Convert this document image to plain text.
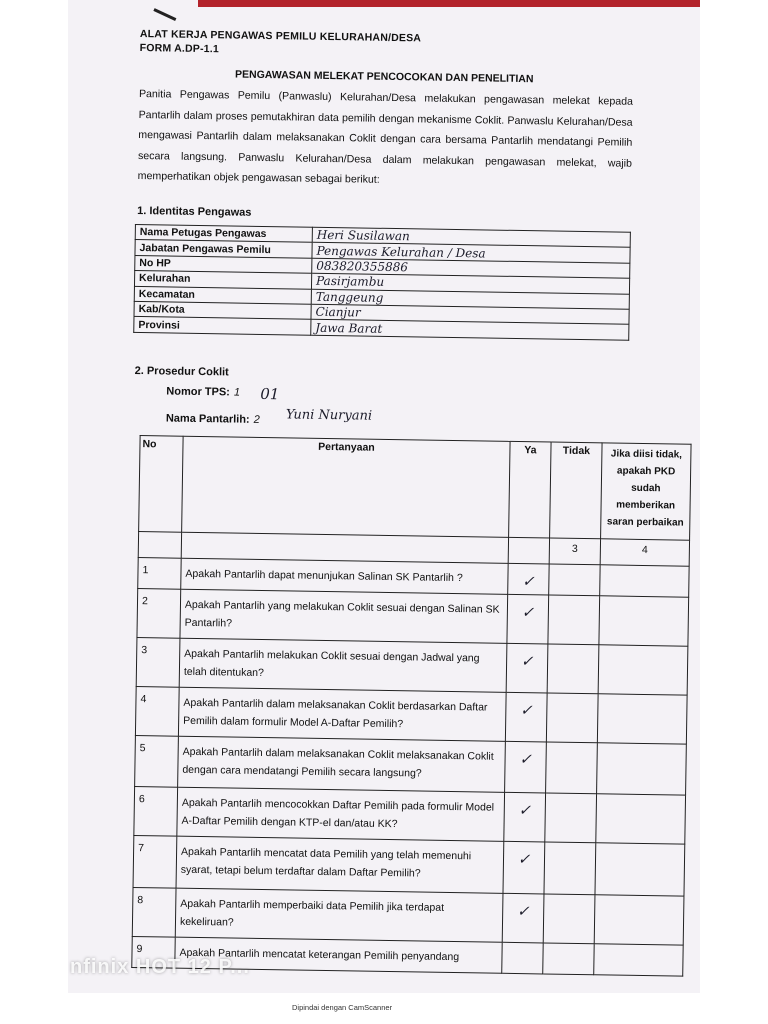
ALAT KERJA PENGAWAS PEMILU KELURAHAN/DESA
FORM A.DP-1.1
PENGAWASAN MELEKAT PENCOCOKAN DAN PENELITIAN
Panitia Pengawas Pemilu (Panwaslu) Kelurahan/Desa melakukan pengawasan melekat kepada Pantarlih dalam proses pemutakhiran data pemilih dengan mekanisme Coklit. Panwaslu Kelurahan/Desa mengawasi Pantarlih dalam melaksanakan Coklit dengan cara bersama Pantarlih mendatangi Pemilih secara langsung. Panwaslu Kelurahan/Desa dalam melakukan pengawasan melekat, wajib memperhatikan objek pengawasan sebagai berikut:
1. Identitas Pengawas
Nama Petugas Pengawas	Heri Susilawan
Jabatan Pengawas Pemilu	Pengawas Kelurahan / Desa
No HP	083820355886
Kelurahan	Pasirjambu
Kecamatan	Tanggeung
Kab/Kota	Cianjur
Provinsi	Jawa Barat
2. Prosedur Coklit
Nomor TPS: 1 01
Nama Pantarlih: 2 Yuni Nuryani
No	Pertanyaan	Ya	Tidak	Jika diisi tidak, apakah PKD sudah memberikan saran perbaikan
			3	4
1	Apakah Pantarlih dapat menunjukan Salinan SK Pantarlih ?	✓		
2	Apakah Pantarlih yang melakukan Coklit sesuai dengan Salinan SK Pantarlih?	✓		
3	Apakah Pantarlih melakukan Coklit sesuai dengan Jadwal yang telah ditentukan?	✓		
4	Apakah Pantarlih dalam melaksanakan Coklit berdasarkan Daftar Pemilih dalam formulir Model A-Daftar Pemilih?	✓		
5	Apakah Pantarlih dalam melaksanakan Coklit melaksanakan Coklit dengan cara mendatangi Pemilih secara langsung?	✓		
6	Apakah Pantarlih mencocokkan Daftar Pemilih pada formulir Model A-Daftar Pemilih dengan KTP-el dan/atau KK?	✓		
7	Apakah Pantarlih mencatat data Pemilih yang telah memenuhi syarat, tetapi belum terdaftar dalam Daftar Pemilih?	✓		
8	Apakah Pantarlih memperbaiki data Pemilih jika terdapat kekeliruan?	✓		
9	Apakah Pantarlih mencatat keterangan Pemilih penyandang			
nfinix HOT 12 P...
Dipindai dengan CamScanner
